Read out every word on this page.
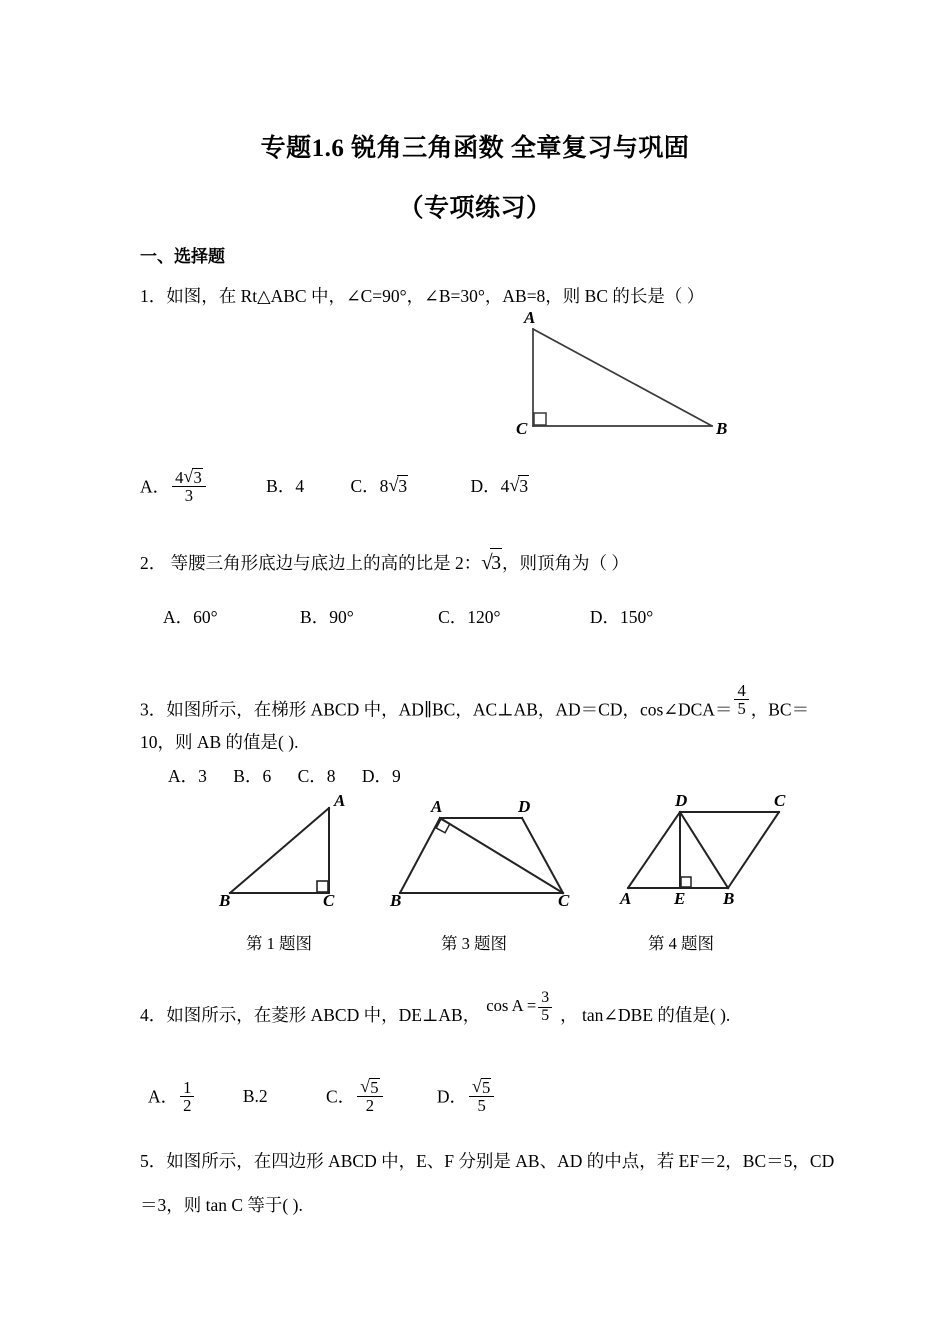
专题1.6 锐角三角函数 全章复习与巩固
（专项练习）
一、选择题
1．如图，在 Rt△ABC 中，∠C=90°，∠B=30°，AB=8，则 BC 的长是（ ）
A
C	B
A． $\frac{4 √ 3}{3}$	B．4	C．8 √ 3	D．4 √ 3
2． 等腰三角形底边与底边上的高的比是 2： √ 3，则顶角为（ ）
A．60°	B．90°	C．120°	D．150°
3．如图所示，在梯形 ABCD 中，AD∥BC，AC⊥AB，AD＝CD，cos∠DCA＝ $\frac{4}{5}$ ，BC＝
10，则 AB 的值是( ).
A．3 B．6 C．8 D．9
A
B	C
A	D
B	C
D	C
A	E B
第 1 题图	第 3 题图	第 4 题图
4．如图所示，在菱形 ABCD 中，DE⊥AB， $\cos A = \frac{3}{5}$ ， tan∠DBE 的值是( ).
A． $\frac{1}{2}$	B.2	C． √ $\frac{5}{2}$	D． √ $\frac{5}{5}$
5．如图所示，在四边形 ABCD 中，E、F 分别是 AB、AD 的中点，若 EF＝2，BC＝5，CD
＝3，则 tan C 等于( ).
